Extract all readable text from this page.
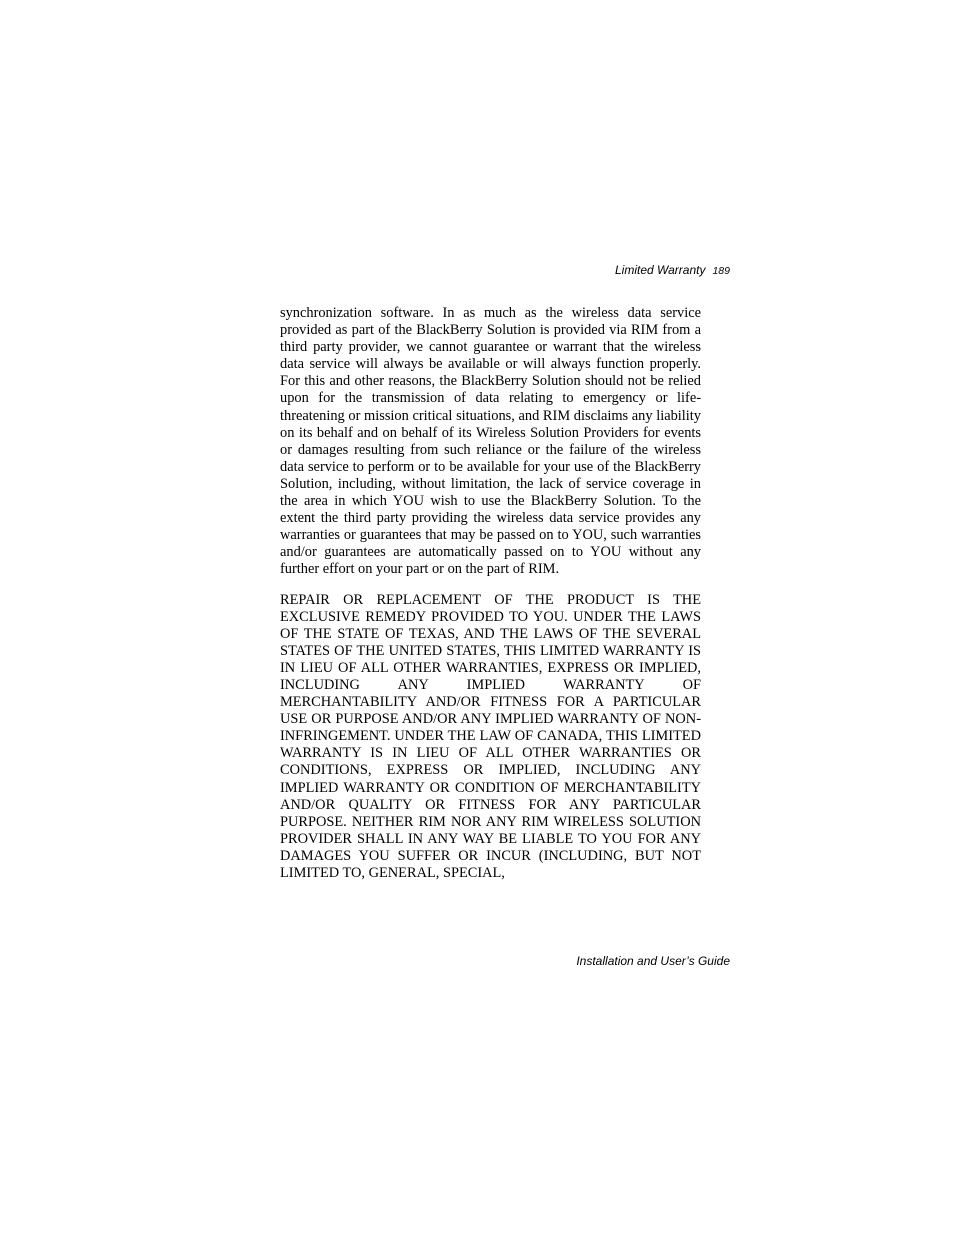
Limited Warranty 189

synchronization software. In as much as the wireless data service provided as part of the BlackBerry Solution is provided via RIM from a third party provider, we cannot guarantee or warrant that the wireless data service will always be available or will always function properly. For this and other reasons, the BlackBerry Solution should not be relied upon for the transmission of data relating to emergency or life-threatening or mission critical situations, and RIM disclaims any liability on its behalf and on behalf of its Wireless Solution Providers for events or damages resulting from such reliance or the failure of the wireless data service to perform or to be available for your use of the BlackBerry Solution, including, without limitation, the lack of service coverage in the area in which YOU wish to use the BlackBerry Solution. To the extent the third party providing the wireless data service provides any warranties or guarantees that may be passed on to YOU, such warranties and/or guarantees are automatically passed on to YOU without any further effort on your part or on the part of RIM.

REPAIR OR REPLACEMENT OF THE PRODUCT IS THE EXCLUSIVE REMEDY PROVIDED TO YOU. UNDER THE LAWS OF THE STATE OF TEXAS, AND THE LAWS OF THE SEVERAL STATES OF THE UNITED STATES, THIS LIMITED WARRANTY IS IN LIEU OF ALL OTHER WARRANTIES, EXPRESS OR IMPLIED, INCLUDING ANY IMPLIED WARRANTY OF MERCHANTABILITY AND/OR FITNESS FOR A PARTICULAR USE OR PURPOSE AND/OR ANY IMPLIED WARRANTY OF NON-INFRINGEMENT. UNDER THE LAW OF CANADA, THIS LIMITED WARRANTY IS IN LIEU OF ALL OTHER WARRANTIES OR CONDITIONS, EXPRESS OR IMPLIED, INCLUDING ANY IMPLIED WARRANTY OR CONDITION OF MERCHANTABILITY AND/OR QUALITY OR FITNESS FOR ANY PARTICULAR PURPOSE. NEITHER RIM NOR ANY RIM WIRELESS SOLUTION PROVIDER SHALL IN ANY WAY BE LIABLE TO YOU FOR ANY DAMAGES YOU SUFFER OR INCUR (INCLUDING, BUT NOT LIMITED TO, GENERAL, SPECIAL,

Installation and User’s Guide
